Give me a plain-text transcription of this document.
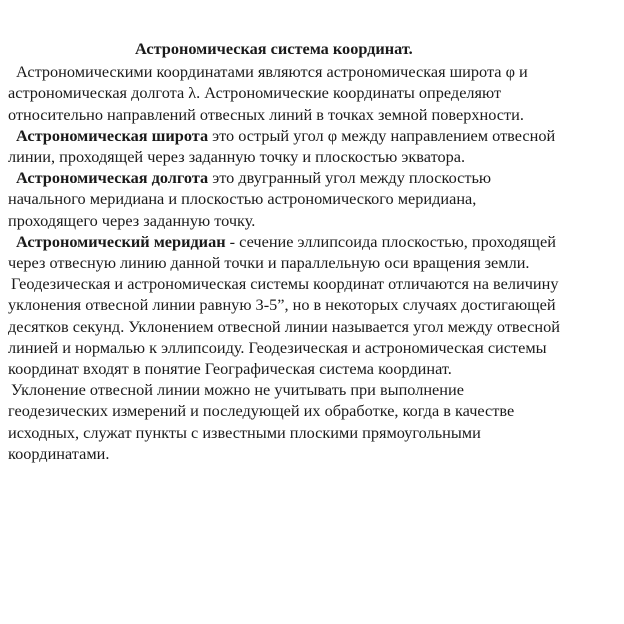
Астрономическая система координат.

Астрономическими координатами являются астрономическая широта φ и
астрономическая долгота λ. Астрономические координаты определяют
относительно направлений отвесных линий в точках земной поверхности.

Астрономическая широта это острый угол φ между направлением отвесной
линии, проходящей через заданную точку и плоскостью экватора.

Астрономическая долгота это двугранный угол между плоскостью
начального меридиана и плоскостью астрономического меридиана,
проходящего через заданную точку.

Астрономический меридиан - сечение эллипсоида плоскостью, проходящей
через отвесную линию данной точки и параллельную оси вращения земли.

Геодезическая и астрономическая системы координат отличаются на величину
уклонения отвесной линии равную 3-5”, но в некоторых случаях достигающей
десятков секунд. Уклонением отвесной линии называется угол между отвесной
линией и нормалью к эллипсоиду. Геодезическая и астрономическая системы
координат входят в понятие Географическая система координат.

Уклонение отвесной линии можно не учитывать при выполнение
геодезических измерений и последующей их обработке, когда в качестве
исходных, служат пункты с известными плоскими прямоугольными
координатами.
